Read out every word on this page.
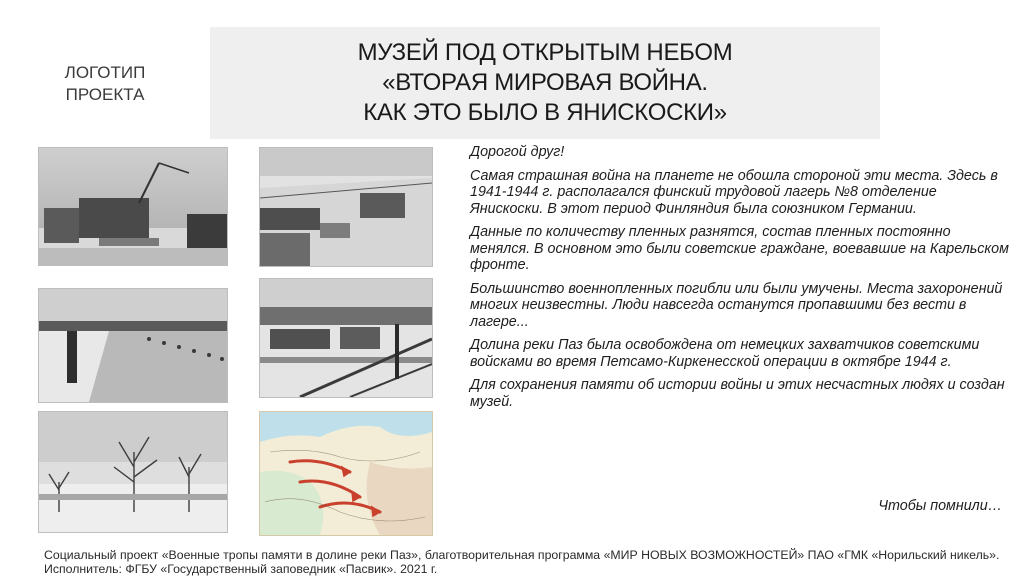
ЛОГОТИП
ПРОЕКТА
МУЗЕЙ ПОД ОТКРЫТЫМ НЕБОМ
«ВТОРАЯ МИРОВАЯ ВОЙНА.
КАК ЭТО БЫЛО В ЯНИСКОСКИ»

Дорогой друг!

Самая страшная война на планете не обошла стороной эти места. Здесь в 1941-1944 г. располагался финский трудовой лагерь №8 отделение Янискоски. В этот период Финляндия была союзником Германии.

Данные по количеству пленных разнятся, состав пленных постоянно менялся. В основном это были советские граждане, воевавшие на Карельском фронте.

Большинство военнопленных погибли или были умучены. Места захоронений многих неизвестны. Люди навсегда останутся пропавшими без вести в лагере...

Долина реки Паз была освобождена от немецких захватчиков советскими войсками во время Петсамо-Киркенесской операции в октябре 1944 г.

Для сохранения памяти об истории войны и этих несчастных людях и создан музей.

Чтобы помнили…
Социальный проект «Военные тропы памяти в долине реки Паз», благотворительная программа «МИР НОВЫХ ВОЗМОЖНОСТЕЙ» ПАО «ГМК «Норильский никель».
Исполнитель: ФГБУ «Государственный заповедник «Пасвик». 2021 г.
